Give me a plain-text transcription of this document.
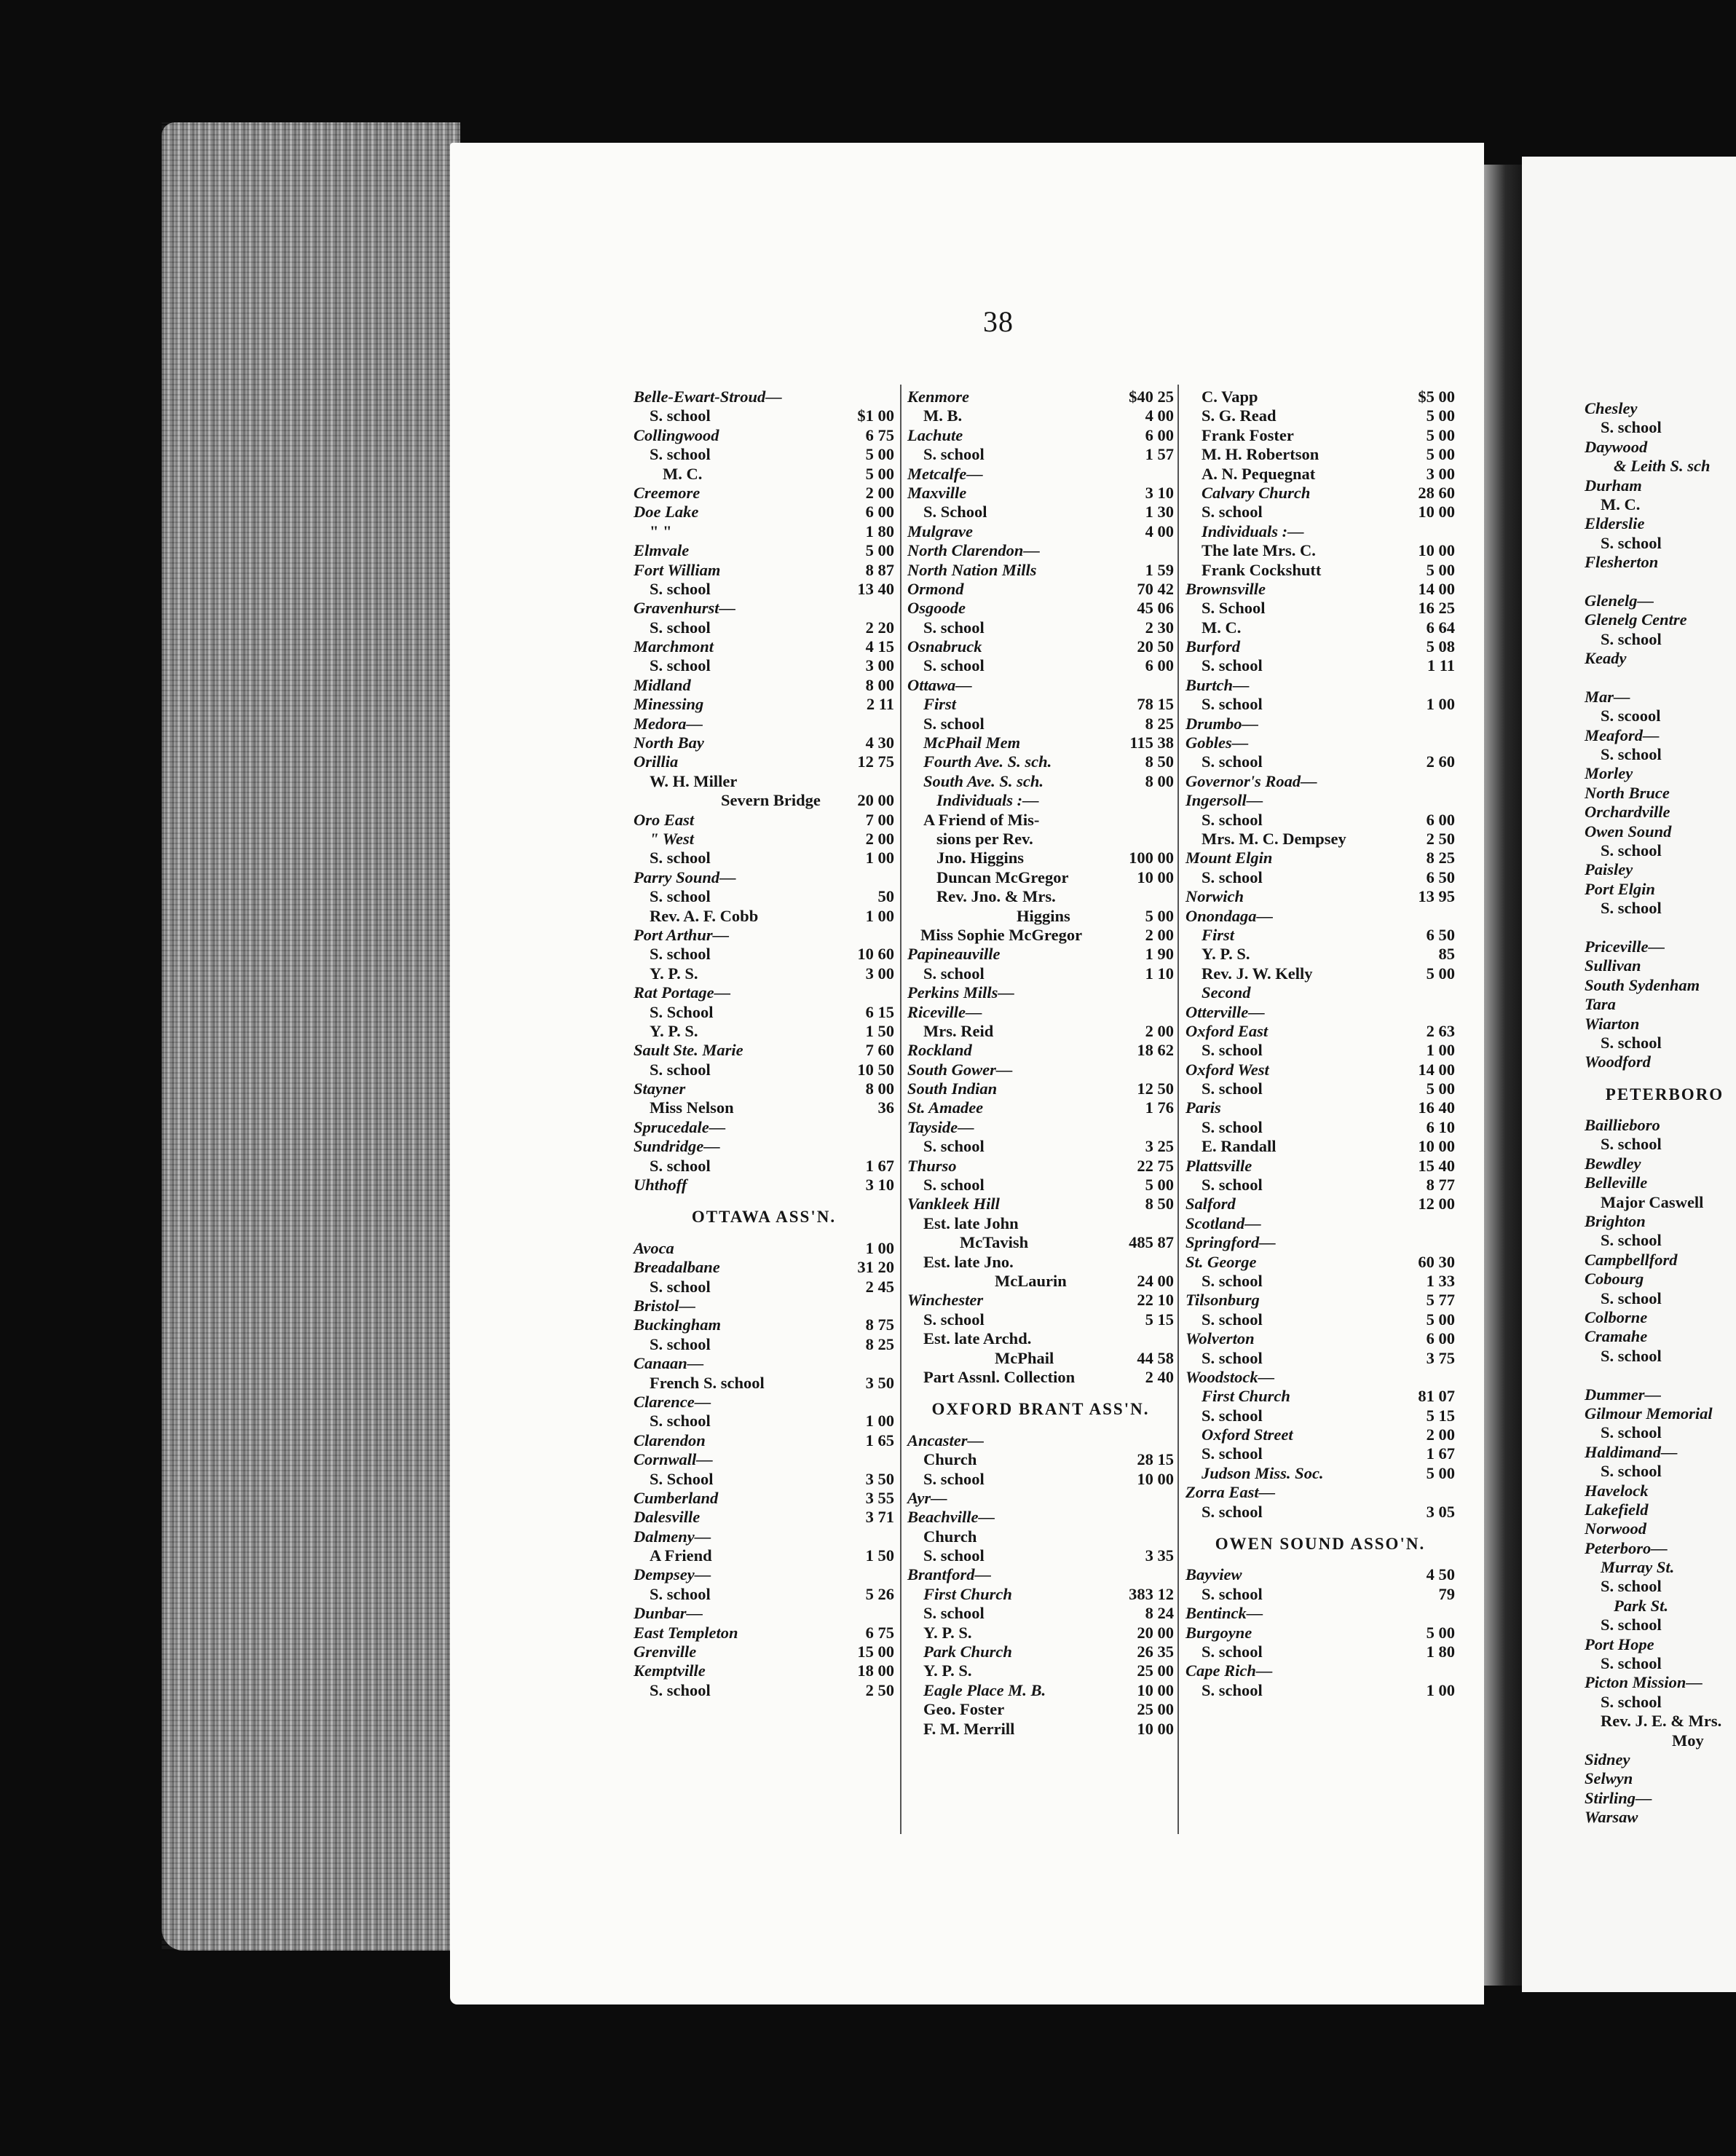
38
Belle-Ewart-Stroud—
S. school	$1 00
Collingwood	6 75
S. school	5 00
M. C.	5 00
Creemore	2 00
Doe Lake	6 00
" "	1 80
Elmvale	5 00
Fort William	8 87
S. school	13 40
Gravenhurst—
S. school	2 20
Marchmont	4 15
S. school	3 00
Midland	8 00
Minessing	2 11
Medora—
North Bay	4 30
Orillia	12 75
W. H. Miller
Severn Bridge 20 00
Oro East	7 00
" West	2 00
S. school	1 00
Parry Sound—
S. school	50
Rev. A. F. Cobb	1 00
Port Arthur—
S. school	10 60
Y. P. S.	3 00
Rat Portage—
S. School	6 15
Y. P. S.	1 50
Sault Ste. Marie	7 60
S. school	10 50
Stayner	8 00
Miss Nelson	36
Sprucedale—
Sundridge—
S. school	1 67
Uhthoff	3 10
OTTAWA ASS'N.
Avoca	1 00
Breadalbane	31 20
S. school	2 45
Bristol—
Buckingham	8 75
S. school	8 25
Canaan—
French S. school	3 50
Clarence—
S. school	1 00
Clarendon	1 65
Cornwall—
S. School	3 50
Cumberland	3 55
Dalesville	3 71
Dalmeny—
A Friend	1 50
Dempsey—
S. school	5 26
Dunbar—
East Templeton	6 75
Grenville	15 00
Kemptville	18 00
S. school	2 50
Kenmore	$40 25
M. B.	4 00
Lachute	6 00
S. school	1 57
Metcalfe—
Maxville	3 10
S. School	1 30
Mulgrave	4 00
North Clarendon—
North Nation Mills	1 59
Ormond	70 42
Osgoode	45 06
S. school	2 30
Osnabruck	20 50
S. school	6 00
Ottawa—
First	78 15
S. school	8 25
McPhail Mem	115 38
Fourth Ave. S. sch.	8 50
South Ave. S. sch.	8 00
Individuals :—
A Friend of Mis-
sions per Rev.
Jno. Higgins	100 00
Duncan McGregor	10 00
Rev. Jno. & Mrs.
Higgins	5 00
Miss Sophie McGregor	2 00
Papineauville	1 90
S. school	1 10
Perkins Mills—
Riceville—
Mrs. Reid	2 00
Rockland	18 62
South Gower—
South Indian	12 50
St. Amadee	1 76
Tayside—
S. school	3 25
Thurso	22 75
S. school	5 00
Vankleek Hill	8 50
Est. late John
McTavish	485 87
Est. late Jno.
McLaurin	24 00
Winchester	22 10
S. school	5 15
Est. late Archd.
McPhail	44 58
Part Assnl. Collection	2 40
OXFORD BRANT ASS'N.
Ancaster—
Church	28 15
S. school	10 00
Ayr—
Beachville—
Church
S. school	3 35
Brantford—
First Church	383 12
S. school	8 24
Y. P. S.	20 00
Park Church	26 35
Y. P. S.	25 00
Eagle Place M. B.	10 00
Geo. Foster	25 00
F. M. Merrill	10 00
C. Vapp	$5 00
S. G. Read	5 00
Frank Foster	5 00
M. H. Robertson	5 00
A. N. Pequegnat	3 00
Calvary Church	28 60
S. school	10 00
Individuals :—
The late Mrs. C.	10 00
Frank Cockshutt	5 00
Brownsville	14 00
S. School	16 25
M. C.	6 64
Burford	5 08
S. school	1 11
Burtch—
S. school	1 00
Drumbo—
Gobles—
S. school	2 60
Governor's Road—
Ingersoll—
S. school	6 00
Mrs. M. C. Dempsey	2 50
Mount Elgin	8 25
S. school	6 50
Norwich	13 95
Onondaga—
First	6 50
Y. P. S.	85
Rev. J. W. Kelly	5 00
Second
Otterville—
Oxford East	2 63
S. school	1 00
Oxford West	14 00
S. school	5 00
Paris	16 40
S. school	6 10
E. Randall	10 00
Plattsville	15 40
S. school	8 77
Salford	12 00
Scotland—
Springford—
St. George	60 30
S. school	1 33
Tilsonburg	5 77
S. school	5 00
Wolverton	6 00
S. school	3 75
Woodstock—
First Church	81 07
S. school	5 15
Oxford Street	2 00
S. school	1 67
Judson Miss. Soc.	5 00
Zorra East—
S. school	3 05
OWEN SOUND ASSO'N.
Bayview	4 50
S. school	79
Bentinck—
Burgoyne	5 00
S. school	1 80
Cape Rich—
S. school	1 00
Chesley
S. school
Daywood
& Leith S. sch
Durham
M. C.
Elderslie
S. school
Flesherton
Glenelg—
Glenelg Centre
S. school
Keady
Mar—
S. scoool
Meaford—
S. school
Morley
North Bruce
Orchardville
Owen Sound
S. school
Paisley
Port Elgin
S. school
Priceville—
Sullivan
South Sydenham
Tara
Wiarton
S. school
Woodford
PETERBORO
Baillieboro
S. school
Bewdley
Belleville
Major Caswell
Brighton
S. school
Campbellford
Cobourg
S. school
Colborne
Cramahe
S. school
Dummer—
Gilmour Memorial
S. school
Haldimand—
S. school
Havelock
Lakefield
Norwood
Peterboro—
Murray St.
S. school
Park St.
S. school
Port Hope
S. school
Picton Mission—
S. school
Rev. J. E. & Mrs.
Moy
Sidney
Selwyn
Stirling—
Warsaw
